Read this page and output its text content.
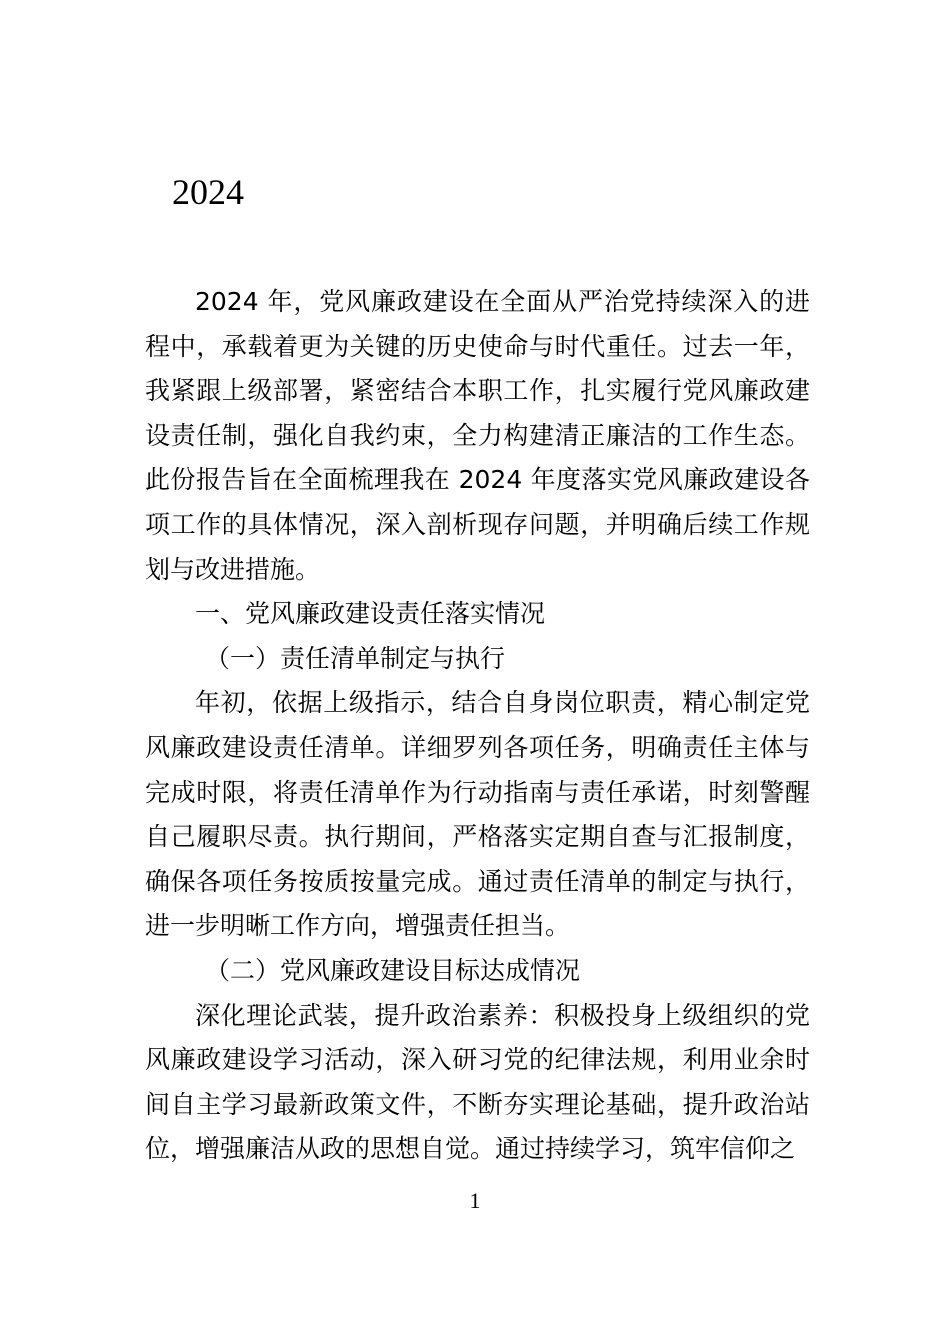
2024

2024 年，党风廉政建设在全面从严治党持续深入的进程中，承载着更为关键的历史使命与时代重任。过去一年，我紧跟上级部署，紧密结合本职工作，扎实履行党风廉政建设责任制，强化自我约束，全力构建清正廉洁的工作生态。此份报告旨在全面梳理我在 2024 年度落实党风廉政建设各项工作的具体情况，深入剖析现存问题，并明确后续工作规划与改进措施。

一、党风廉政建设责任落实情况

（一）责任清单制定与执行

年初，依据上级指示，结合自身岗位职责，精心制定党风廉政建设责任清单。详细罗列各项任务，明确责任主体与完成时限，将责任清单作为行动指南与责任承诺，时刻警醒自己履职尽责。执行期间，严格落实定期自查与汇报制度，确保各项任务按质按量完成。通过责任清单的制定与执行，进一步明晰工作方向，增强责任担当。

（二）党风廉政建设目标达成情况

深化理论武装，提升政治素养：积极投身上级组织的党风廉政建设学习活动，深入研习党的纪律法规，利用业余时间自主学习最新政策文件，不断夯实理论基础，提升政治站位，增强廉洁从政的思想自觉。通过持续学习，筑牢信仰之

1
